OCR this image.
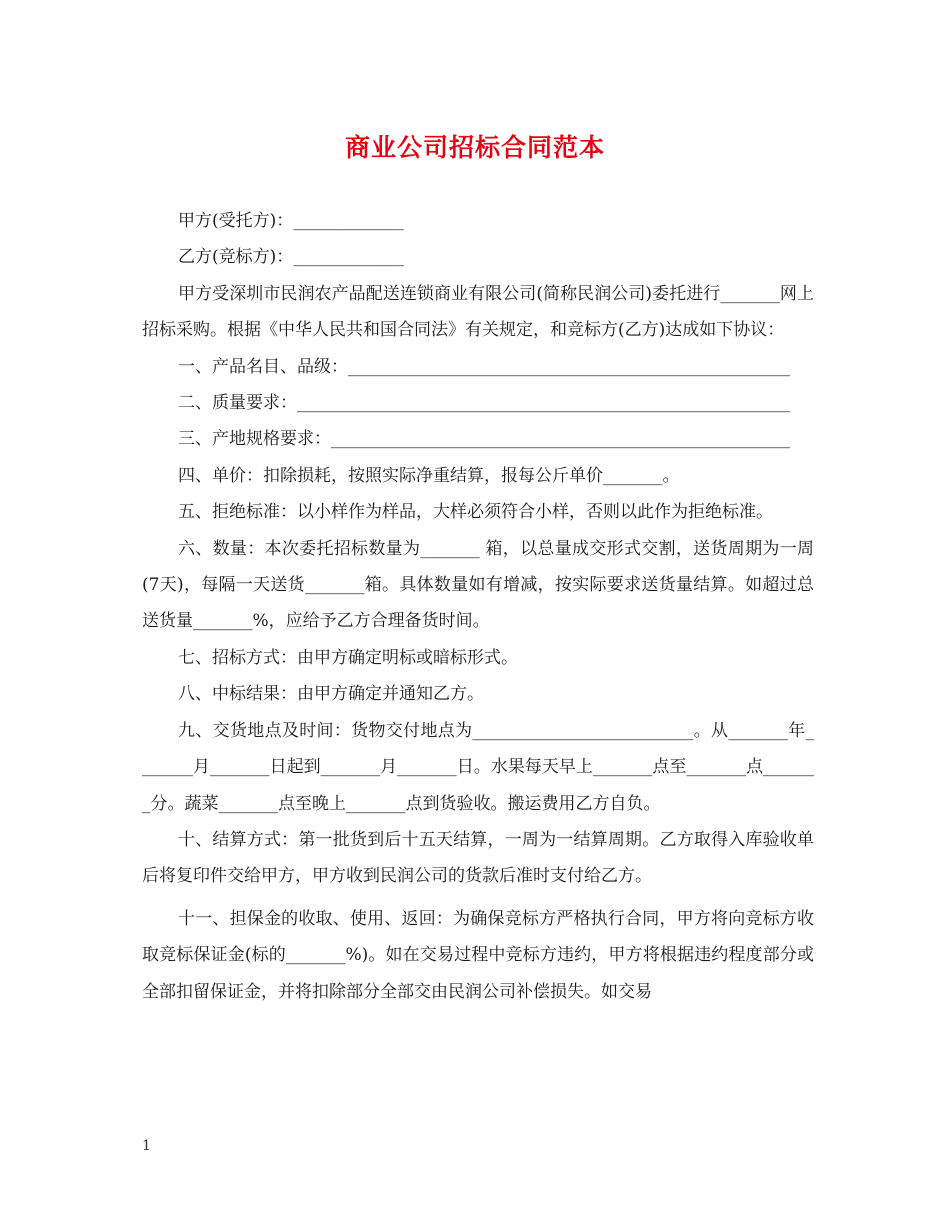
商业公司招标合同范本

甲方(受托方)：_____________

乙方(竞标方)：_____________

甲方受深圳市民润农产品配送连锁商业有限公司(简称民润公司)委托进行_______网上招标采购。根据《中华人民共和国合同法》有关规定，和竞标方(乙方)达成如下协议：

一、产品名目、品级：____________________________________________________

二、质量要求：__________________________________________________________

三、产地规格要求：______________________________________________________

四、单价：扣除损耗，按照实际净重结算，报每公斤单价_______。

五、拒绝标准：以小样作为样品，大样必须符合小样，否则以此作为拒绝标准。

六、数量：本次委托招标数量为_______ 箱，以总量成交形式交割，送货周期为一周(7天)，每隔一天送货_______箱。具体数量如有增减，按实际要求送货量结算。如超过总送货量_______%，应给予乙方合理备货时间。

七、招标方式：由甲方确定明标或暗标形式。

八、中标结果：由甲方确定并通知乙方。

九、交货地点及时间：货物交付地点为__________________________。从_______年_______月_______日起到_______月_______日。水果每天早上_______点至_______点_______分。蔬菜_______点至晚上_______点到货验收。搬运费用乙方自负。

十、结算方式：第一批货到后十五天结算，一周为一结算周期。乙方取得入库验收单后将复印件交给甲方，甲方收到民润公司的货款后准时支付给乙方。

十一、担保金的收取、使用、返回：为确保竞标方严格执行合同，甲方将向竞标方收取竞标保证金(标的_______%)。如在交易过程中竞标方违约，甲方将根据违约程度部分或全部扣留保证金，并将扣除部分全部交由民润公司补偿损失。如交易

1
